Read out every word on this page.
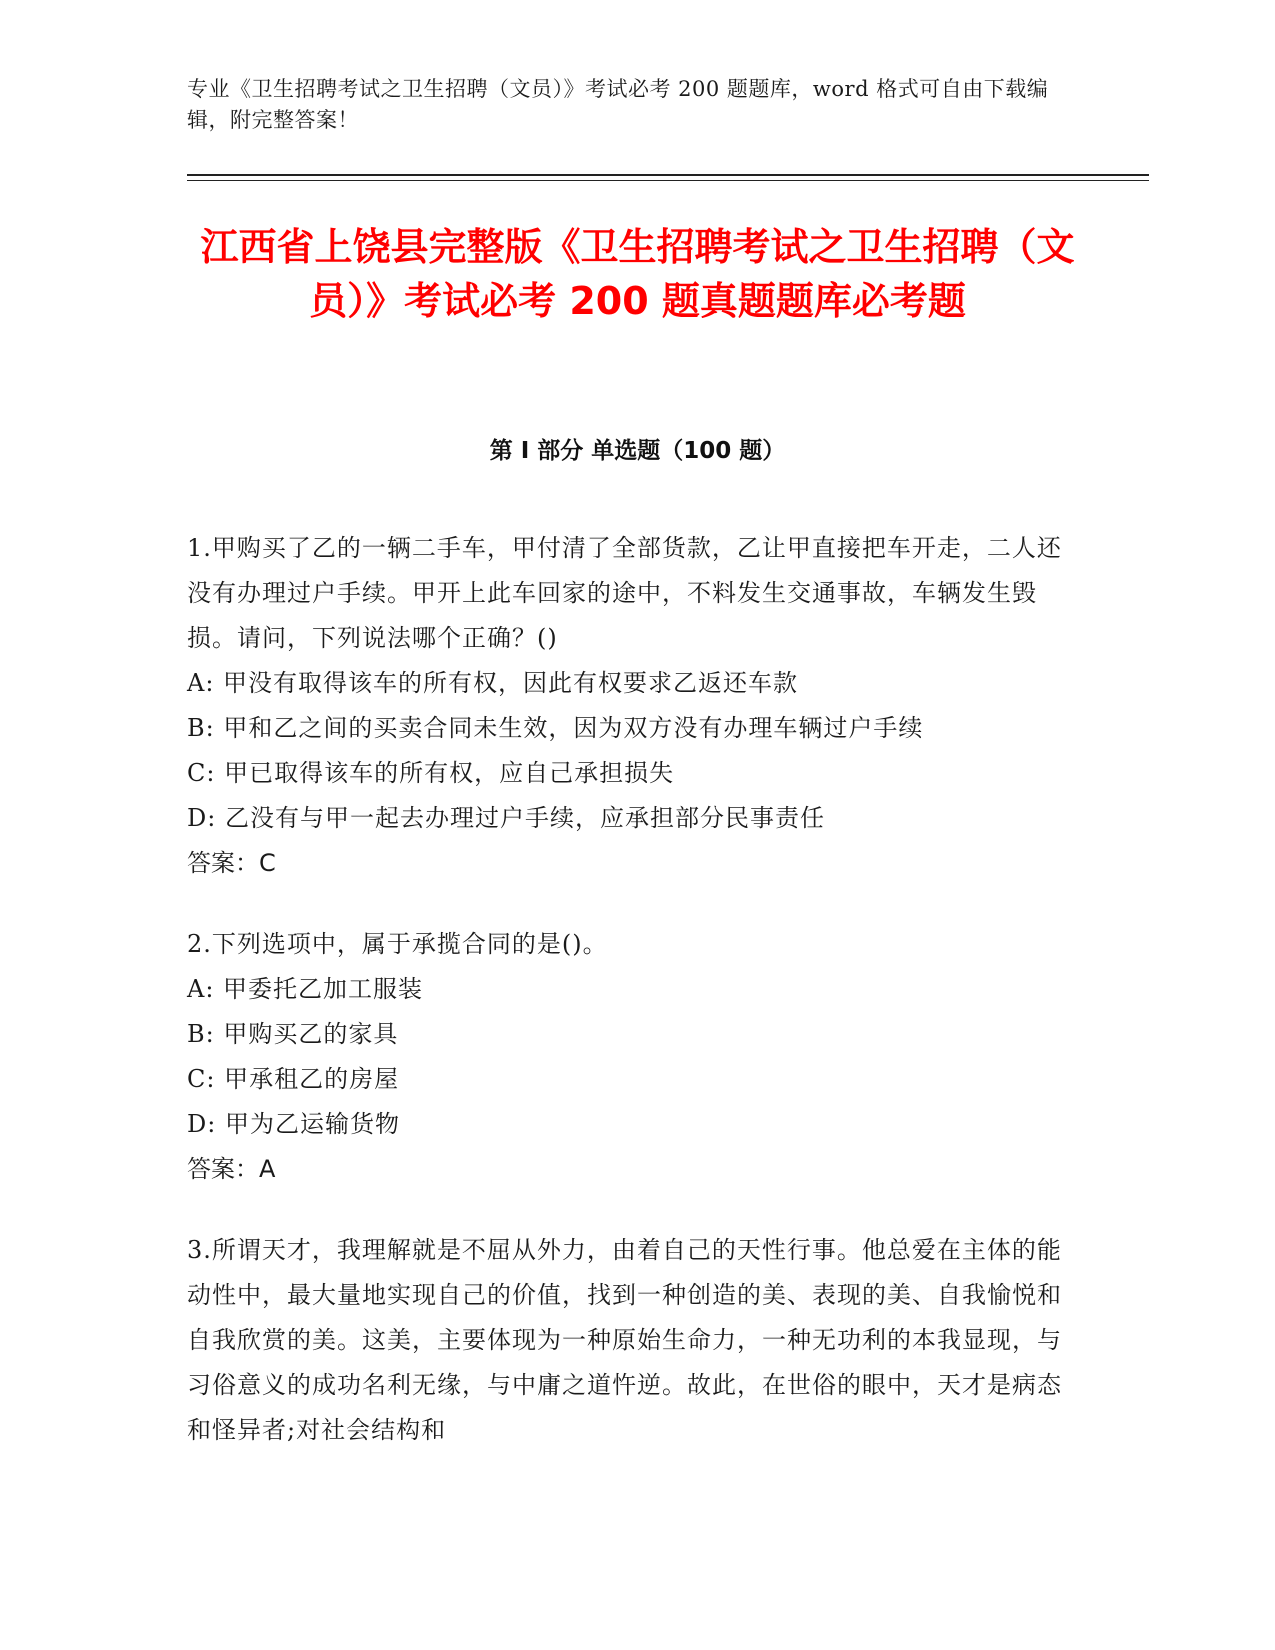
专业《卫生招聘考试之卫生招聘（文员）》考试必考 200 题题库，word 格式可自由下载编辑，附完整答案！
江西省上饶县完整版《卫生招聘考试之卫生招聘（文员）》考试必考 200 题真题题库必考题
第 I 部分 单选题（100 题）

1.甲购买了乙的一辆二手车，甲付清了全部货款，乙让甲直接把车开走，二人还没有办理过户手续。甲开上此车回家的途中，不料发生交通事故，车辆发生毁损。请问，下列说法哪个正确？()

A: 甲没有取得该车的所有权，因此有权要求乙返还车款

B: 甲和乙之间的买卖合同未生效，因为双方没有办理车辆过户手续

C: 甲已取得该车的所有权，应自己承担损失

D: 乙没有与甲一起去办理过户手续，应承担部分民事责任

答案：C

2.下列选项中，属于承揽合同的是()。

A: 甲委托乙加工服装

B: 甲购买乙的家具

C: 甲承租乙的房屋

D: 甲为乙运输货物

答案：A

3.所谓天才，我理解就是不屈从外力，由着自己的天性行事。他总爱在主体的能动性中，最大量地实现自己的价值，找到一种创造的美、表现的美、自我愉悦和自我欣赏的美。这美，主要体现为一种原始生命力，一种无功利的本我显现，与习俗意义的成功名利无缘，与中庸之道忤逆。故此，在世俗的眼中，天才是病态和怪异者;对社会结构和
